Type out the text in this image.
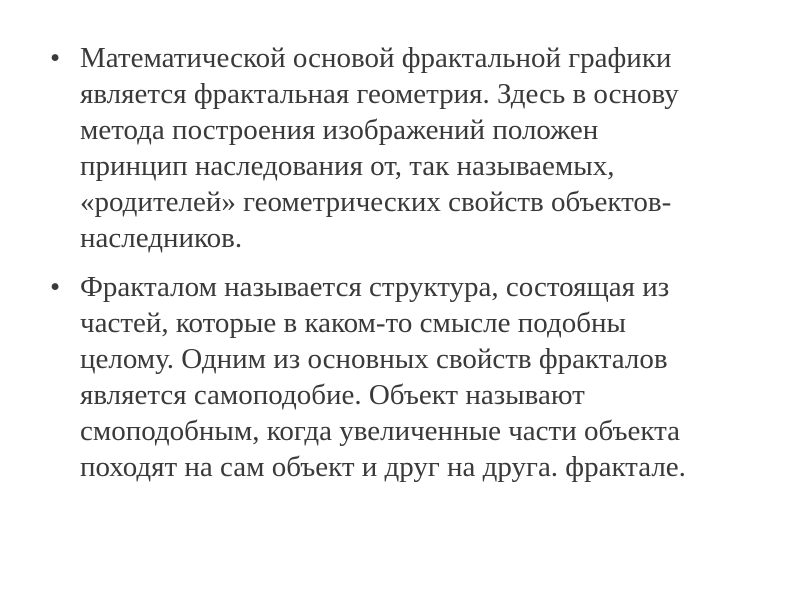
• Математической основой фрактальной графики
является фрактальная геометрия. Здесь в основу
метода построения изображений положен
принцип наследования от, так называемых,
«родителей» геометрических свойств объектов-
наследников.
• Фракталом называется структура, состоящая из
частей, которые в каком-то смысле подобны
целому. Одним из основных свойств фракталов
является самоподобие. Объект называют
смоподобным, когда увеличенные части объекта
походят на сам объект и друг на друга. фрактале.
